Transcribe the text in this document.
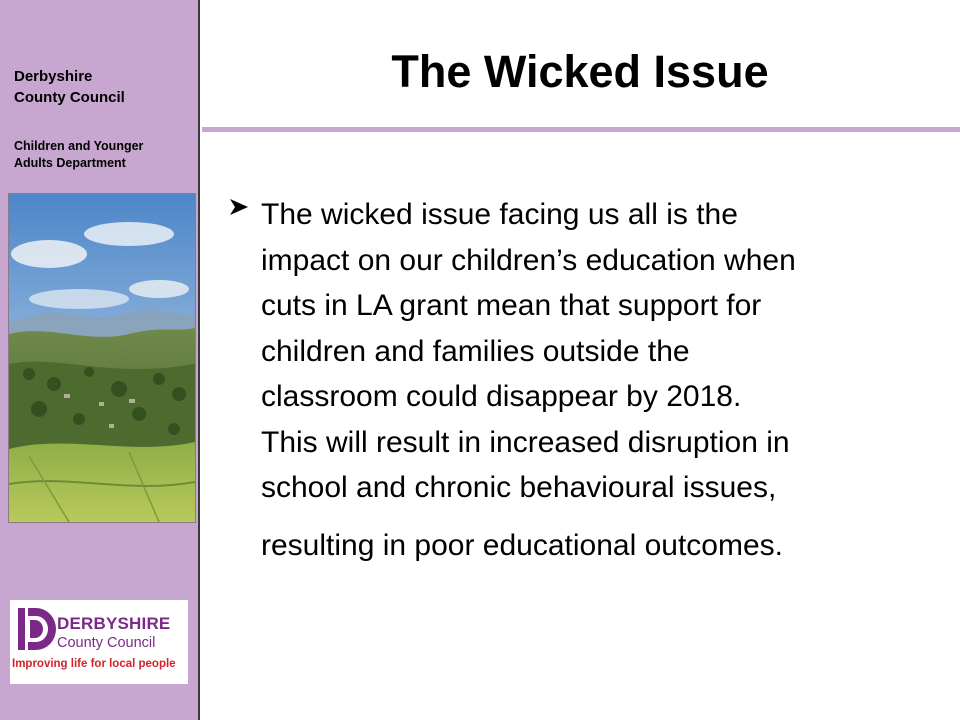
Derbyshire
County Council
Children and Younger
Adults Department
DERBYSHIRE
County Council
Improving life for local people
The Wicked Issue
The wicked issue facing us all is the
impact on our children’s education when
cuts in LA grant mean that support for
children and families outside the
classroom could disappear by 2018.
This will result in increased disruption in
school and chronic behavioural issues,
resulting in poor educational outcomes.
